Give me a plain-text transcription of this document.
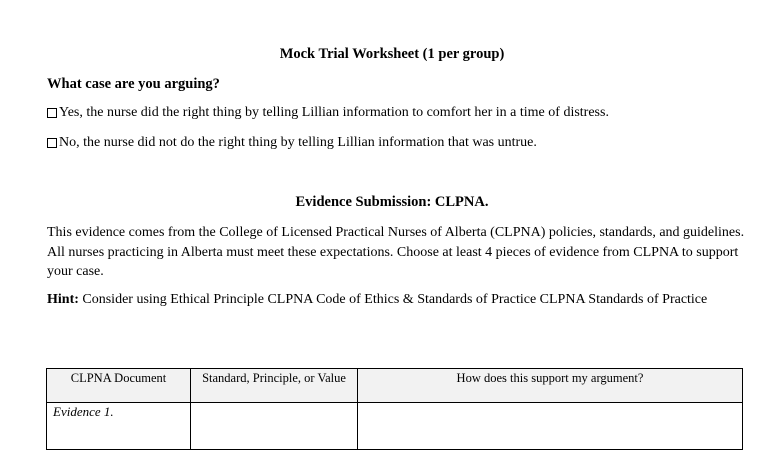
Mock Trial Worksheet (1 per group)
What case are you arguing?
Yes, the nurse did the right thing by telling Lillian information to comfort her in a time of distress.
No, the nurse did not do the right thing by telling Lillian information that was untrue.
Evidence Submission: CLPNA.
This evidence comes from the College of Licensed Practical Nurses of Alberta (CLPNA) policies, standards, and guidelines. All nurses practicing in Alberta must meet these expectations. Choose at least 4 pieces of evidence from CLPNA to support your case.
Hint: Consider using Ethical Principle CLPNA Code of Ethics & Standards of Practice CLPNA Standards of Practice
CLPNA Document	Standard, Principle, or Value	How does this support my argument?
Evidence 1.		
